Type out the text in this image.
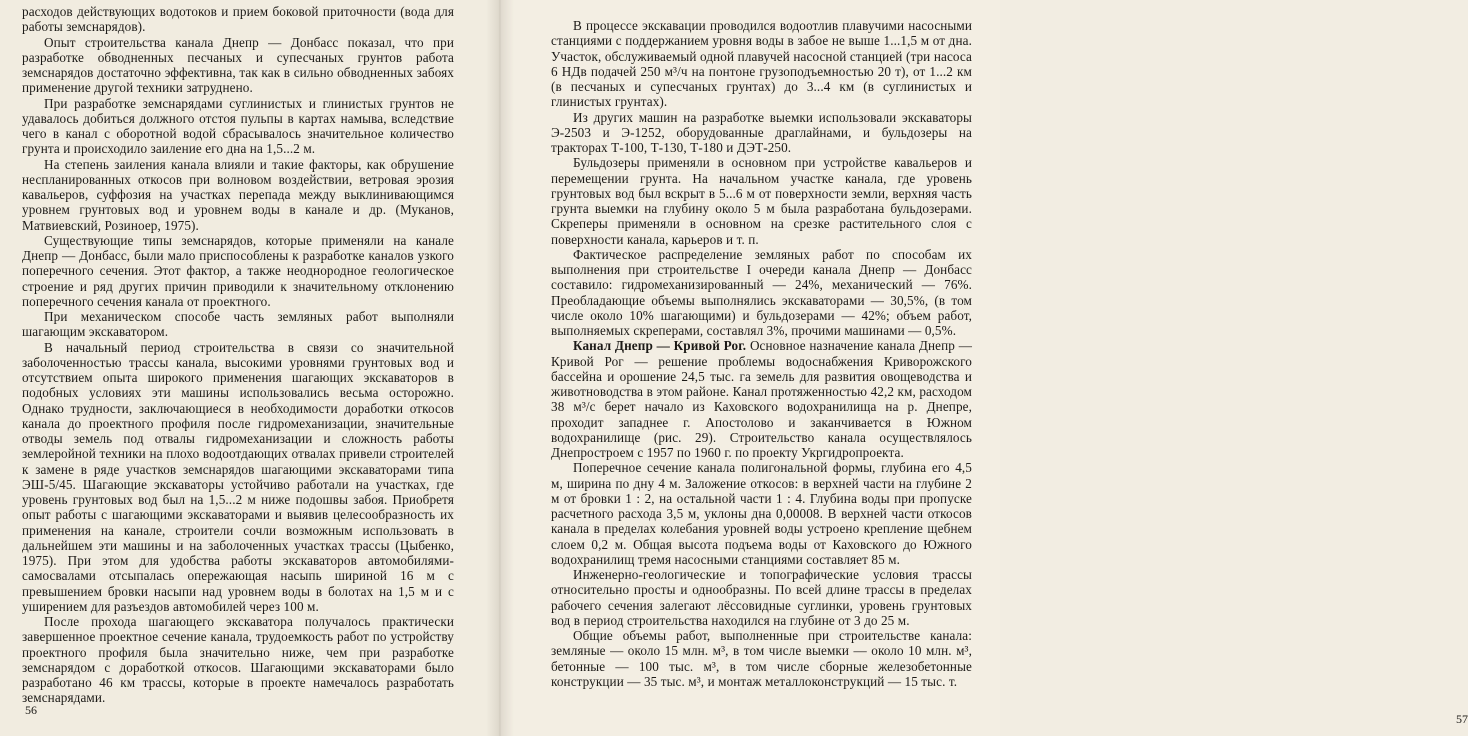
расходов действующих водотоков и прием боковой приточности (вода для работы земснарядов).

Опыт строительства канала Днепр — Донбасс показал, что при разработке обводненных песчаных и супесчаных грунтов работа земснарядов достаточно эффективна, так как в сильно обводненных забоях применение другой техники затруднено.

При разработке земснарядами суглинистых и глинистых грунтов не удавалось добиться должного отстоя пульпы в картах намыва, вследствие чего в канал с оборотной водой сбрасывалось значительное количество грунта и происходило заиление его дна на 1,5...2 м.

На степень заиления канала влияли и такие факторы, как обрушение неспланированных откосов при волновом воздействии, ветровая эрозия кавальеров, суффозия на участках перепада между выклинивающимся уровнем грунтовых вод и уровнем воды в канале и др. (Муканов, Матвиевский, Розиноер, 1975).

Существующие типы земснарядов, которые применяли на канале Днепр — Донбасс, были мало приспособлены к разработке каналов узкого поперечного сечения. Этот фактор, а также неоднородное геологическое строение и ряд других причин приводили к значительному отклонению поперечного сечения канала от проектного.

При механическом способе часть земляных работ выполняли шагающим экскаватором.

В начальный период строительства в связи со значительной заболоченностью трассы канала, высокими уровнями грунтовых вод и отсутствием опыта широкого применения шагающих экскаваторов в подобных условиях эти машины использовались весьма осторожно. Однако трудности, заключающиеся в необходимости доработки откосов канала до проектного профиля после гидромеханизации, значительные отводы земель под отвалы гидромеханизации и сложность работы землеройной техники на плохо водоотдающих отвалах привели строителей к замене в ряде участков земснарядов шагающими экскаваторами типа ЭШ-5/45. Шагающие экскаваторы устойчиво работали на участках, где уровень грунтовых вод был на 1,5...2 м ниже подошвы забоя. Приобретя опыт работы с шагающими экскаваторами и выявив целесообразность их применения на канале, строители сочли возможным использовать в дальнейшем эти машины и на заболоченных участках трассы (Цыбенко, 1975). При этом для удобства работы экскаваторов автомобилями-самосвалами отсыпалась опережающая насыпь шириной 16 м с превышением бровки насыпи над уровнем воды в болотах на 1,5 м и с уширением для разъездов автомобилей через 100 м.

После прохода шагающего экскаватора получалось практически завершенное проектное сечение канала, трудоемкость работ по устройству проектного профиля была значительно ниже, чем при разработке земснарядом с доработкой откосов. Шагающими экскаваторами было разработано 46 км трассы, которые в проекте намечалось разработать земснарядами.

56

В процессе экскавации проводился водоотлив плавучими насосными станциями с поддержанием уровня воды в забое не выше 1...1,5 м от дна. Участок, обслуживаемый одной плавучей насосной станцией (три насоса 6 НДв подачей 250 м³/ч на понтоне грузоподъемностью 20 т), от 1...2 км (в песчаных и супесчаных грунтах) до 3...4 км (в суглинистых и глинистых грунтах).

Из других машин на разработке выемки использовали экскаваторы Э-2503 и Э-1252, оборудованные драглайнами, и бульдозеры на тракторах Т-100, Т-130, Т-180 и ДЭТ-250.

Бульдозеры применяли в основном при устройстве кавальеров и перемещении грунта. На начальном участке канала, где уровень грунтовых вод был вскрыт в 5...6 м от поверхности земли, верхняя часть грунта выемки на глубину около 5 м была разработана бульдозерами. Скреперы применяли в основном на срезке растительного слоя с поверхности канала, карьеров и т. п.

Фактическое распределение земляных работ по способам их выполнения при строительстве I очереди канала Днепр — Донбасс составило: гидромеханизированный — 24%, механический — 76%. Преобладающие объемы выполнялись экскаваторами — 30,5%, (в том числе около 10% шагающими) и бульдозерами — 42%; объем работ, выполняемых скреперами, составлял 3%, прочими машинами — 0,5%.

Канал Днепр — Кривой Рог. Основное назначение канала Днепр — Кривой Рог — решение проблемы водоснабжения Криворожского бассейна и орошение 24,5 тыс. га земель для развития овощеводства и животноводства в этом районе. Канал протяженностью 42,2 км, расходом 38 м³/с берет начало из Каховского водохранилища на р. Днепре, проходит западнее г. Апостолово и заканчивается в Южном водохранилище (рис. 29). Строительство канала осуществлялось Днепростроем с 1957 по 1960 г. по проекту Укргидропроекта.

Поперечное сечение канала полигональной формы, глубина его 4,5 м, ширина по дну 4 м. Заложение откосов: в верхней части на глубине 2 м от бровки 1 : 2, на остальной части 1 : 4. Глубина воды при пропуске расчетного расхода 3,5 м, уклоны дна 0,00008. В верхней части откосов канала в пределах колебания уровней воды устроено крепление щебнем слоем 0,2 м. Общая высота подъема воды от Каховского до Южного водохранилищ тремя насосными станциями составляет 85 м.

Инженерно-геологические и топографические условия трассы относительно просты и однообразны. По всей длине трассы в пределах рабочего сечения залегают лёссовидные суглинки, уровень грунтовых вод в период строительства находился на глубине от 3 до 25 м.

Общие объемы работ, выполненные при строительстве канала: земляные — около 15 млн. м³, в том числе выемки — около 10 млн. м³, бетонные — 100 тыс. м³, в том числе сборные железобетонные конструкции — 35 тыс. м³, и монтаж металлоконструкций — 15 тыс. т.

57
